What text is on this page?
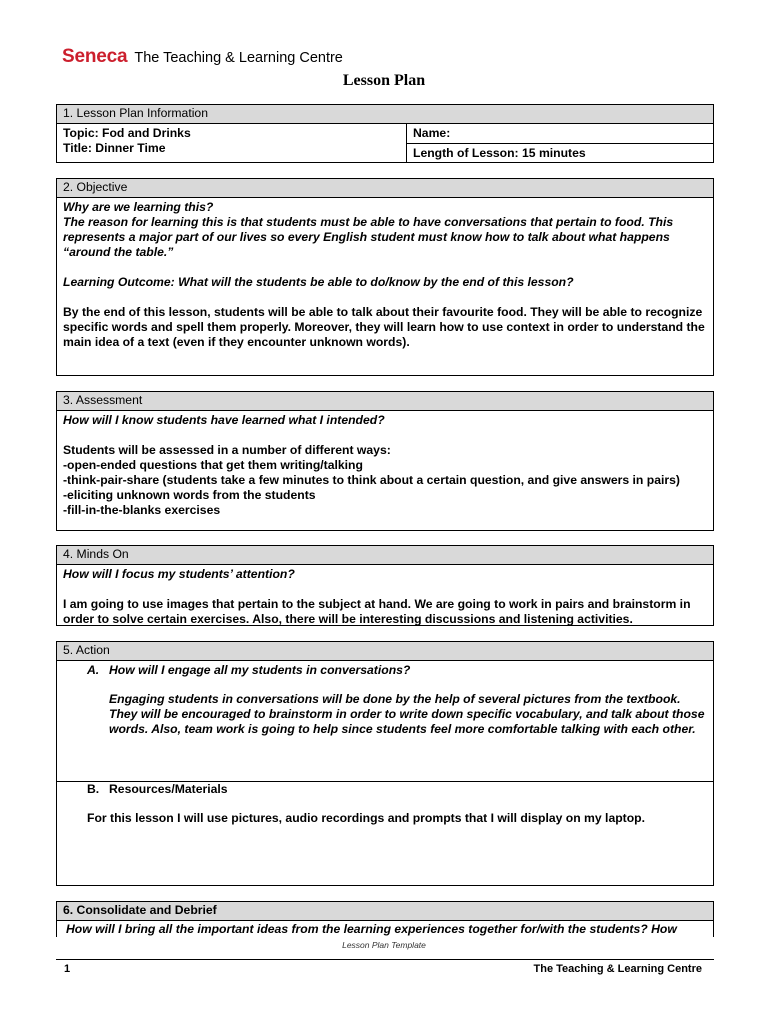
Seneca The Teaching & Learning Centre
Lesson Plan
1. Lesson Plan Information
Topic: Fod and Drinks
Title: Dinner Time
Name:
Length of Lesson: 15 minutes
2. Objective
Why are we learning this?
The reason for learning this is that students must be able to have conversations that pertain to food. This represents a major part of our lives so every English student must know how to talk about what happens “around the table.”
Learning Outcome: What will the students be able to do/know by the end of this lesson?
By the end of this lesson, students will be able to talk about their favourite food. They will be able to recognize specific words and spell them properly. Moreover, they will learn how to use context in order to understand the main idea of a text (even if they encounter unknown words).
3. Assessment
How will I know students have learned what I intended?
Students will be assessed in a number of different ways:
-open-ended questions that get them writing/talking
-think-pair-share (students take a few minutes to think about a certain question, and give answers in pairs)
-eliciting unknown words from the students
-fill-in-the-blanks exercises
4. Minds On
How will I focus my students’ attention?
I am going to use images that pertain to the subject at hand. We are going to work in pairs and brainstorm in order to solve certain exercises. Also, there will be interesting discussions and listening activities.
5. Action
A. How will I engage all my students in conversations?
Engaging students in conversations will be done by the help of several pictures from the textbook. They will be encouraged to brainstorm in order to write down specific vocabulary, and talk about those words. Also, team work is going to help since students feel more comfortable talking with each other.
B. Resources/Materials
For this lesson I will use pictures, audio recordings and prompts that I will display on my laptop.
6. Consolidate and Debrief
How will I bring all the important ideas from the learning experiences together for/with the students? How
Lesson Plan Template
1	The Teaching & Learning Centre
